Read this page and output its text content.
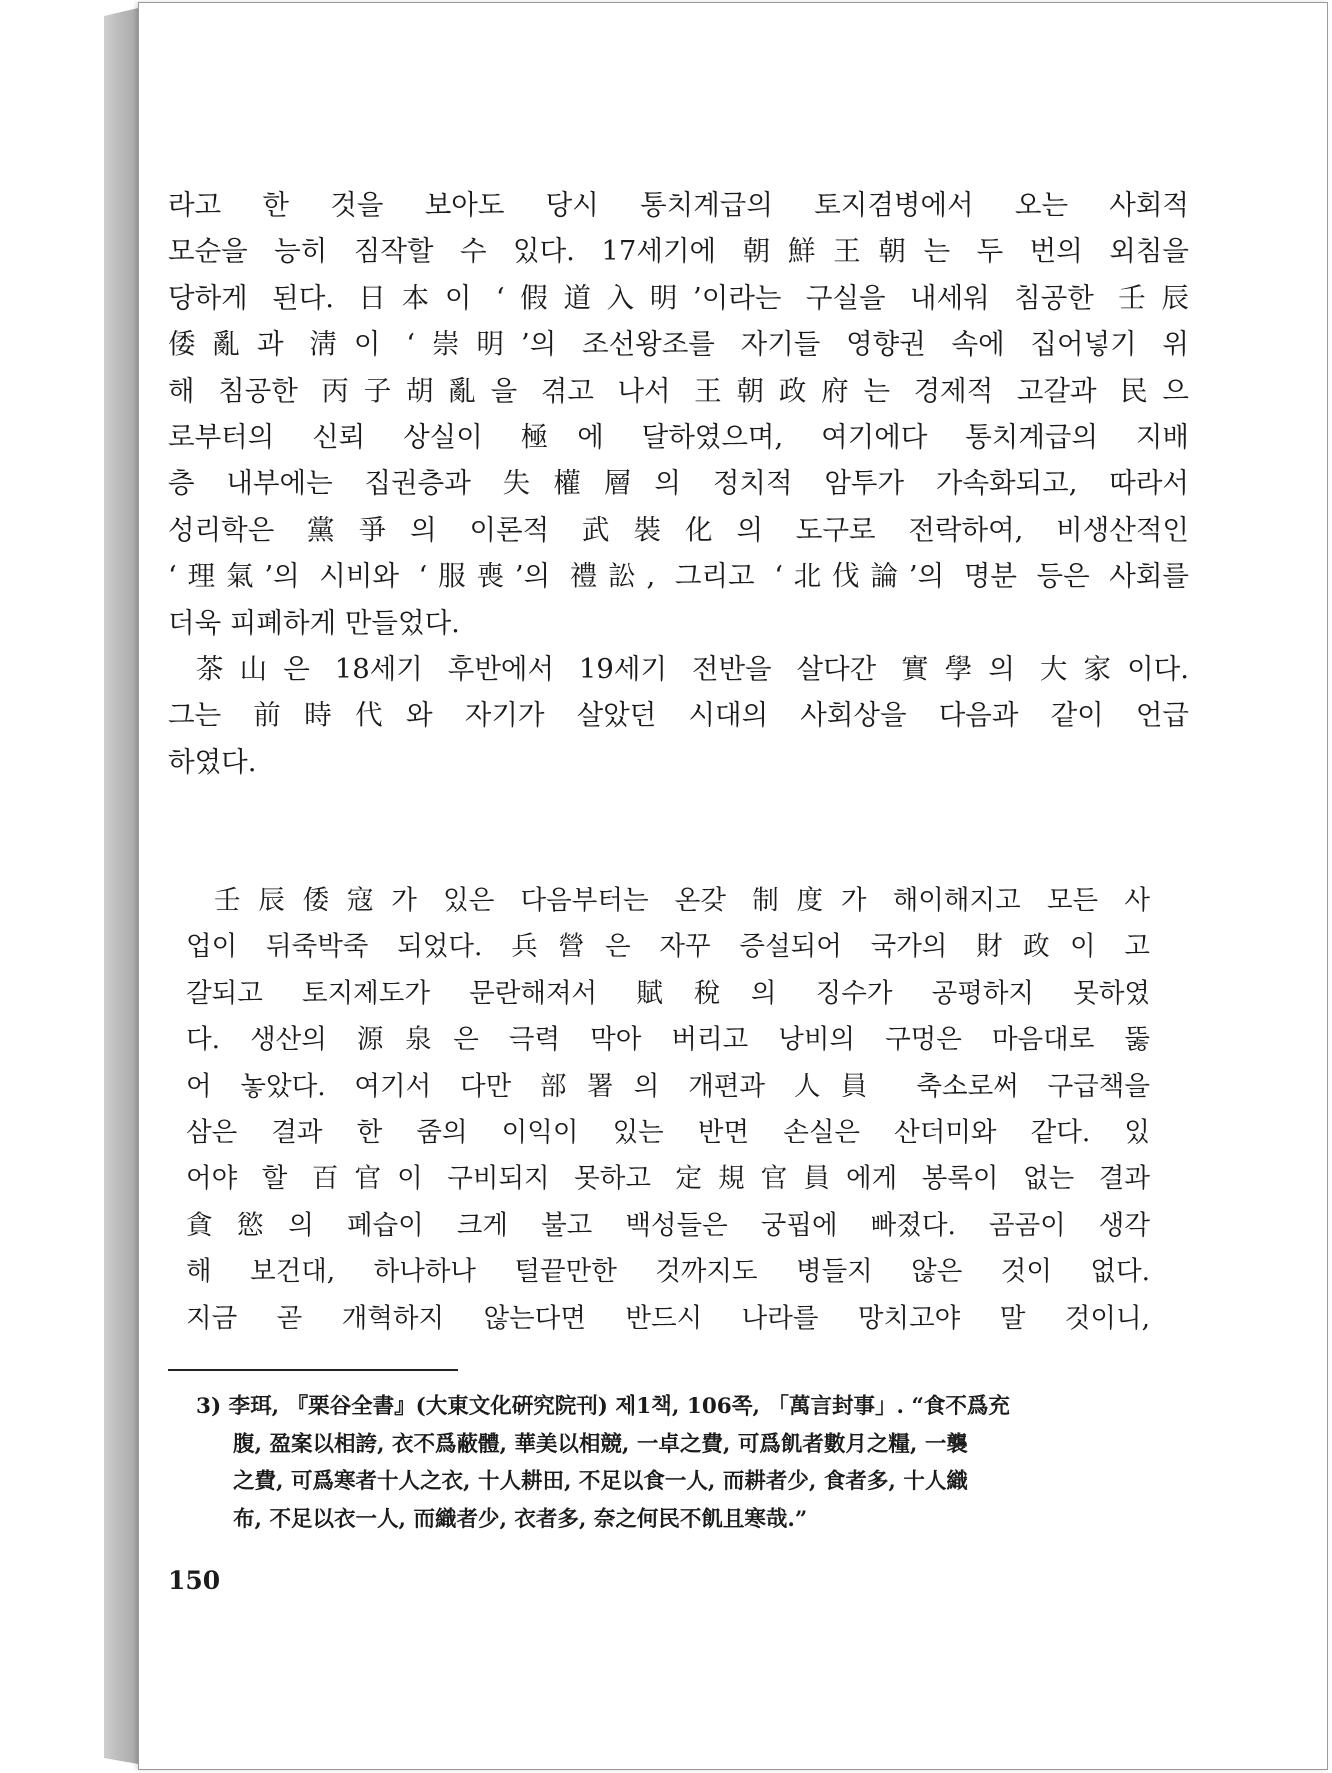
라고 한 것을 보아도 당시 통치계급의 토지겸병에서 오는 사회적
모순을 능히 짐작할 수 있다. 17세기에 朝鮮王朝는 두 번의 외침을
당하게 된다. 日本이 ‘假道入明’이라는 구실을 내세워 침공한 壬辰
倭亂과 淸이 ‘崇明’의 조선왕조를 자기들 영향권 속에 집어넣기 위
해 침공한 丙子胡亂을 겪고 나서 王朝政府는 경제적 고갈과 民으
로부터의 신뢰 상실이 極에 달하였으며, 여기에다 통치계급의 지배
층 내부에는 집권층과 失權層의 정치적 암투가 가속화되고, 따라서
성리학은 黨爭의 이론적 武裝化의 도구로 전락하여, 비생산적인
‘理氣’의 시비와 ‘服喪’의 禮訟, 그리고 ‘北伐論’의 명분 등은 사회를
더욱 피폐하게 만들었다.
茶山은 18세기 후반에서 19세기 전반을 살다간 實學의 大家이다.
그는 前時代와 자기가 살았던 시대의 사회상을 다음과 같이 언급
하였다.
壬辰倭寇가 있은 다음부터는 온갖 制度가 해이해지고 모든 사
업이 뒤죽박죽 되었다. 兵營은 자꾸 증설되어 국가의 財政이 고
갈되고 토지제도가 문란해져서 賦稅의 징수가 공평하지 못하였
다. 생산의 源泉은 극력 막아 버리고 낭비의 구멍은 마음대로 뚫
어 놓았다. 여기서 다만 部署의 개편과 人員 축소로써 구급책을
삼은 결과 한 줌의 이익이 있는 반면 손실은 산더미와 같다. 있
어야 할 百官이 구비되지 못하고 定規官員에게 봉록이 없는 결과
貪慾의 폐습이 크게 불고 백성들은 궁핍에 빠졌다. 곰곰이 생각
해 보건대, 하나하나 털끝만한 것까지도 병들지 않은 것이 없다.
지금 곧 개혁하지 않는다면 반드시 나라를 망치고야 말 것이니,
3) 李珥, 『栗谷全書』(大東文化硏究院刊) 제1책, 106쪽, 「萬言封事」. “食不爲充
腹, 盈案以相誇, 衣不爲蔽體, 華美以相競, 一卓之費, 可爲飢者數月之糧, 一襲
之費, 可爲寒者十人之衣, 十人耕田, 不足以食一人, 而耕者少, 食者多, 十人織
布, 不足以衣一人, 而織者少, 衣者多, 奈之何民不飢且寒哉.”
150
